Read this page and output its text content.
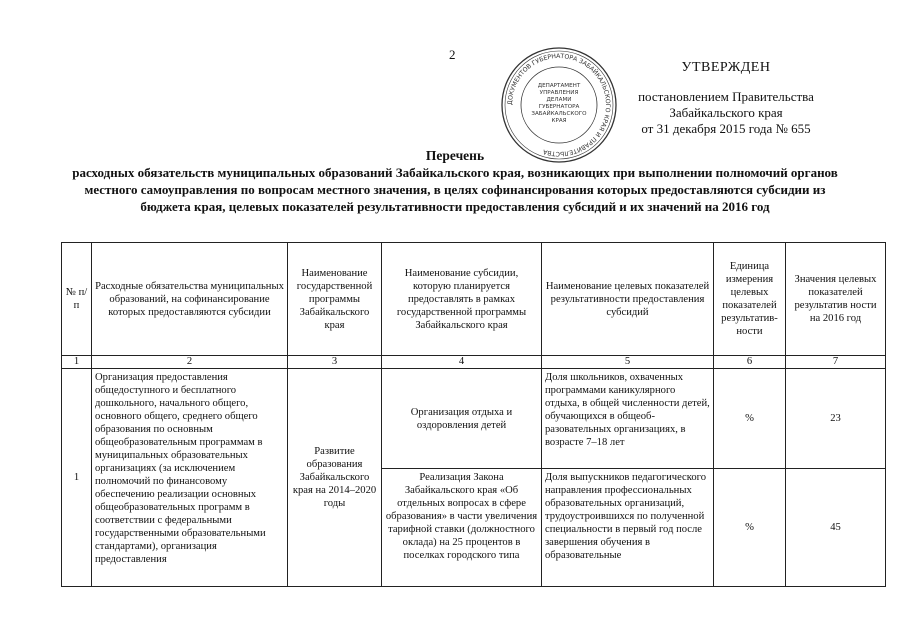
2
ДОКУМЕНТОВ ГУБЕРНАТОРА ЗАБАЙКАЛЬСКОГО КРАЯ И ПРАВИТЕЛЬСТВА
ДЕПАРТАМЕНТ
УПРАВЛЕНИЯ
ДЕЛАМИ
ГУБЕРНАТОРА
ЗАБАЙКАЛЬСКОГО
КРАЯ
УТВЕРЖДЕН
постановлением Правительства
Забайкальского края
от 31 декабря 2015 года № 655
Перечень
расходных обязательств муниципальных образований Забайкальского края, возникающих при выполнении полномочий органов местного самоуправления по вопросам местного значения, в целях софинансирования которых предоставляются субсидии из бюджета края, целевых показателей результативности предоставления субсидий и их значений на 2016 год
№ п/п	Расходные обязательства муниципальных образований, на софинансирование которых предоставляются субсидии	Наименование государственной программы Забайкальского края	Наименование субсидии, которую планируется предоставлять в рамках государственной программы Забайкальского края	Наименование целевых показателей результативности предоставления субсидий	Единица измерения целевых показателей результатив-ности	Значения целевых показателей результатив ности на 2016 год
1	2	3	4	5	6	7
1	Организация предоставления общедоступного и бесплатного дошкольного, начального общего, основного общего, среднего общего образования по основным общеобразовательным программам в муниципальных образовательных организациях (за исключением полномочий по финансовому обеспечению реализации основных общеобразовательных программ в соответствии с федеральными государственными образовательными стандартами), организация предоставления	Развитие образования Забайкальского края на 2014–2020 годы	Организация отдыха и оздоровления детей	Доля школьников, охваченных программами каникулярного отдыха, в общей численности детей, обучающихся в общеоб-разовательных организациях, в возрасте 7–18 лет	%	23
			Реализация Закона Забайкальского края «Об отдельных вопросах в сфере образования» в части увеличения тарифной ставки (должностного оклада) на 25 процентов в поселках городского типа	Доля выпускников педагогического направления профессиональных образовательных организаций, трудоустроившихся по полученной специальности в первый год после завершения обучения в образовательные	%	45
